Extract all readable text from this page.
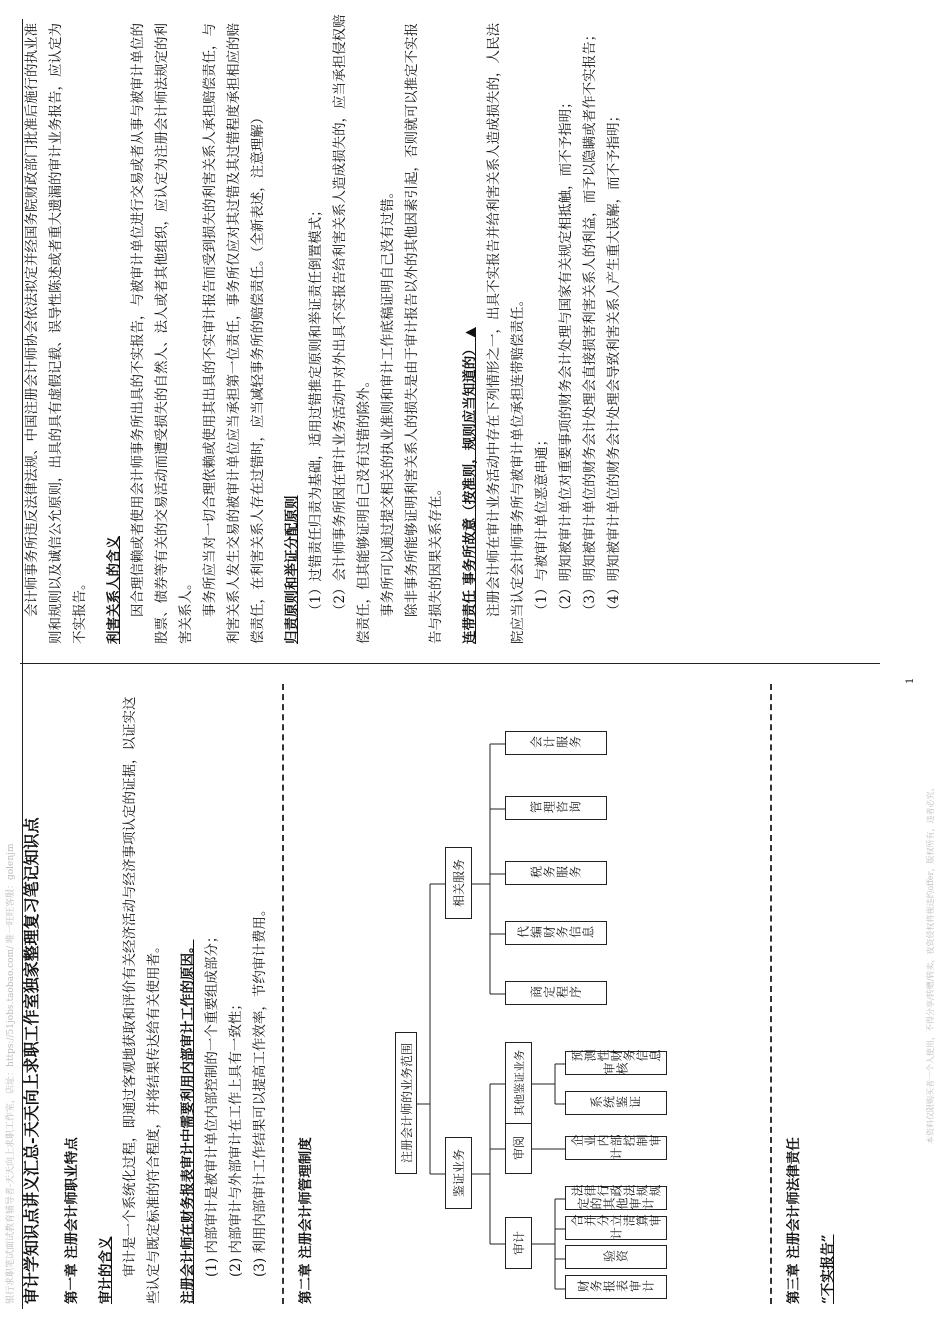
审计学知识点讲义汇总-天天向上求职工作室独家整理复习笔记知识点 第一章 注册会计师职业特点 审计的含义 审计是一个系统化过程，即通过客观地获取和评价有关经济活动与经济事项认定的证据，以证实这些认定与既定标准的符合程度，并将结果传达给有关使用者。 注册会计师在财务报表审计中需要利用内部审计工作的原因。 (1) 内部审计是被审计单位内部控制的一个重要组成部分； (2) 内部审计与外部审计在工作上具有一致性； (3) 利用内部审计工作结果可以提高工作效率，节约审计费用。 第二章 注册会计师管理制度

注册会计师的业务范围
鉴证业务
相关服务
审计
审阅
其他鉴证业务
财务报表审计
验资
合并分立清算审计
法律行政法规规定的其他审计
企业内部控制审计
系统鉴证
预测性财务信息审核
商定程序
代编财务信息
税务服务
管理咨询
会计服务

第三章 注册会计师法律责任 “不实报告”

会计师事务所违反法律法规、中国注册会计师协会依法拟定并经国务院财政部门批准后施行的执业准则和规则以及诚信公允原则，出具的具有虚假记载、误导性陈述或者重大遗漏的审计业务报告，应认定为不实报告。 利害关系人的含义 因合理信赖或者使用会计师事务所出具的不实报告，与被审计单位进行交易或者从事与被审计单位的股票、债券等有关的交易活动而遭受损失的自然人、法人或者其他组织，应认定为注册会计师法规定的利害关系人。 事务所应当对一切合理依赖或使用其出具的不实审计报告而受到损失的利害关系人承担赔偿责任，与利害关系人发生交易的被审计单位应当承担第一位责任，事务所仅应对其过错及其过错程度承担相应的赔偿责任，在利害关系人存在过错时，应当减轻事务所的赔偿责任。（全新表述，注意理解） 归责原则和举证分配原则 （1）过错责任归责为基础，适用过错推定原则和举证责任倒置模式； （2）会计师事务所因在审计业务活动中对外出具不实报告给利害关系人造成损失的，应当承担侵权赔偿责任，但其能够证明自己没有过错的除外。 事务所可以通过提交相关的执业准则和审计工作底稿证明自己没有过错。 除非事务所能够证明利害关系人的损失是由于审计报告以外的其他因素引起，否则就可以推定不实报告与损失的因果关系存在。 连带责任 事务所故意（按准则，规则应当知道的） ▲ 注册会计师在审计业务活动中存在下列情形之一，出具不实报告并给利害关系人造成损失的，人民法院应当认定会计师事务所与被审计单位承担连带赔偿责任。 （1）与被审计单位恶意串通； （2）明知被审计单位对重要事项的财务会计处理与国家有关规定相抵触，而不予指明； （3）明知被审计单位的财务会计处理会直接损害利害关系人的利益，而予以隐瞒或者作不实报告； （4）明知被审计单位的财务会计处理会导致利害关系人产生重大误解，而不予指明；

1
本资料仅限购买者一个人使用，不得分享/转赠/转卖，夜资侵权将视违约offer，版权所有，违者必究。
银行求职笔试面试教育辅导者-天天向上求职工作室，店址：https://51jobs.taobao.com/ 唯一旺旺客服：golenjm
